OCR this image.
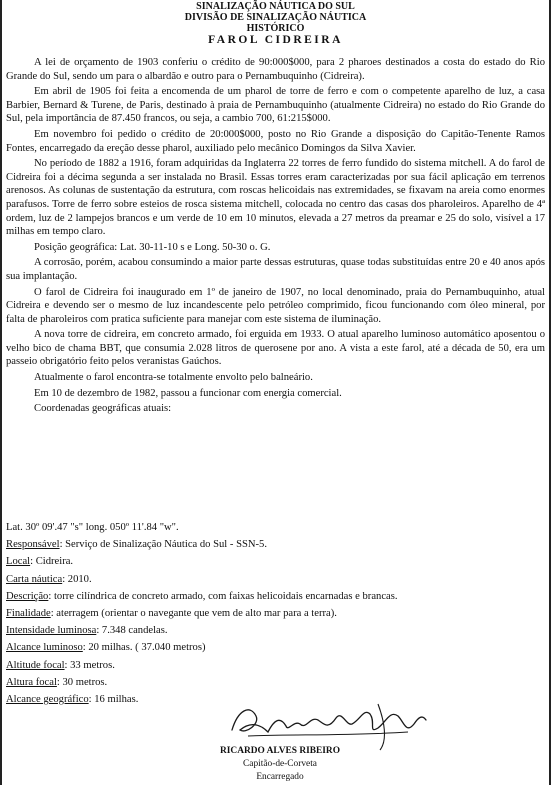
SINALIZAÇÃO NÁUTICA DO SUL
DIVISÃO DE SINALIZAÇÃO NÁUTICA
HISTÓRICO
FAROL CIDREIRA

A lei de orçamento de 1903 conferiu o crédito de 90:000$000, para 2 pharoes destinados a costa do estado do Rio Grande do Sul, sendo um para o albardão e outro para o Pernambuquinho (Cidreira).

Em abril de 1905 foi feita a encomenda de um pharol de torre de ferro e com o competente aparelho de luz, a casa Barbier, Bernard & Turene, de Paris, destinado à praia de Pernambuquinho (atualmente Cidreira) no estado do Rio Grande do Sul, pela importância de 87.450 francos, ou seja, a cambio 700, 61:215$000.

Em novembro foi pedido o crédito de 20:000$000, posto no Rio Grande a disposição do Capitão-Tenente Ramos Fontes, encarregado da ereção desse pharol, auxiliado pelo mecânico Domingos da Silva Xavier.

No período de 1882 a 1916, foram adquiridas da Inglaterra 22 torres de ferro fundido do sistema mitchell. A do farol de Cidreira foi a décima segunda a ser instalada no Brasil. Essas torres eram caracterizadas por sua fácil aplicação em terrenos arenosos. As colunas de sustentação da estrutura, com roscas helicoidais nas extremidades, se fixavam na areia como enormes parafusos. Torre de ferro sobre esteios de rosca sistema mitchell, colocada no centro das casas dos pharoleiros. Aparelho de 4ª ordem, luz de 2 lampejos brancos e um verde de 10 em 10 minutos, elevada a 27 metros da preamar e 25 do solo, visível a 17 milhas em tempo claro.

Posição geográfica: Lat. 30-11-10 s e Long. 50-30 o. G.

A corrosão, porém, acabou consumindo a maior parte dessas estruturas, quase todas substituídas entre 20 e 40 anos após sua implantação.

O farol de Cidreira foi inaugurado em 1º de janeiro de 1907, no local denominado, praia do Pernambuquinho, atual Cidreira e devendo ser o mesmo de luz incandescente pelo petróleo comprimido, ficou funcionando com óleo mineral, por falta de pharoleiros com pratica suficiente para manejar com este sistema de iluminação.

A nova torre de cidreira, em concreto armado, foi erguida em 1933. O atual aparelho luminoso automático aposentou o velho bico de chama BBT, que consumia 2.028 litros de querosene por ano. A vista a este farol, até a década de 50, era um passeio obrigatório feito pelos veranistas Gaúchos.

Atualmente o farol encontra-se totalmente envolto pelo balneário.

Em 10 de dezembro de 1982, passou a funcionar com energia comercial.

Coordenadas geográficas atuais:

Lat. 30º 09'.47 "s" long. 050º 11'.84 "w".
Responsável: Serviço de Sinalização Náutica do Sul - SSN-5.
Local: Cidreira.
Carta náutica: 2010.
Descrição: torre cilíndrica de concreto armado, com faixas helicoidais encarnadas e brancas.
Finalidade: aterragem (orientar o navegante que vem de alto mar para a terra).
Intensidade luminosa: 7.348 candelas.
Alcance luminoso: 20 milhas. ( 37.040 metros)
Altitude focal: 33 metros.
Altura focal: 30 metros.
Alcance geográfico: 16 milhas.
RICARDO ALVES RIBEIRO
Capitão-de-Corveta
Encarregado
